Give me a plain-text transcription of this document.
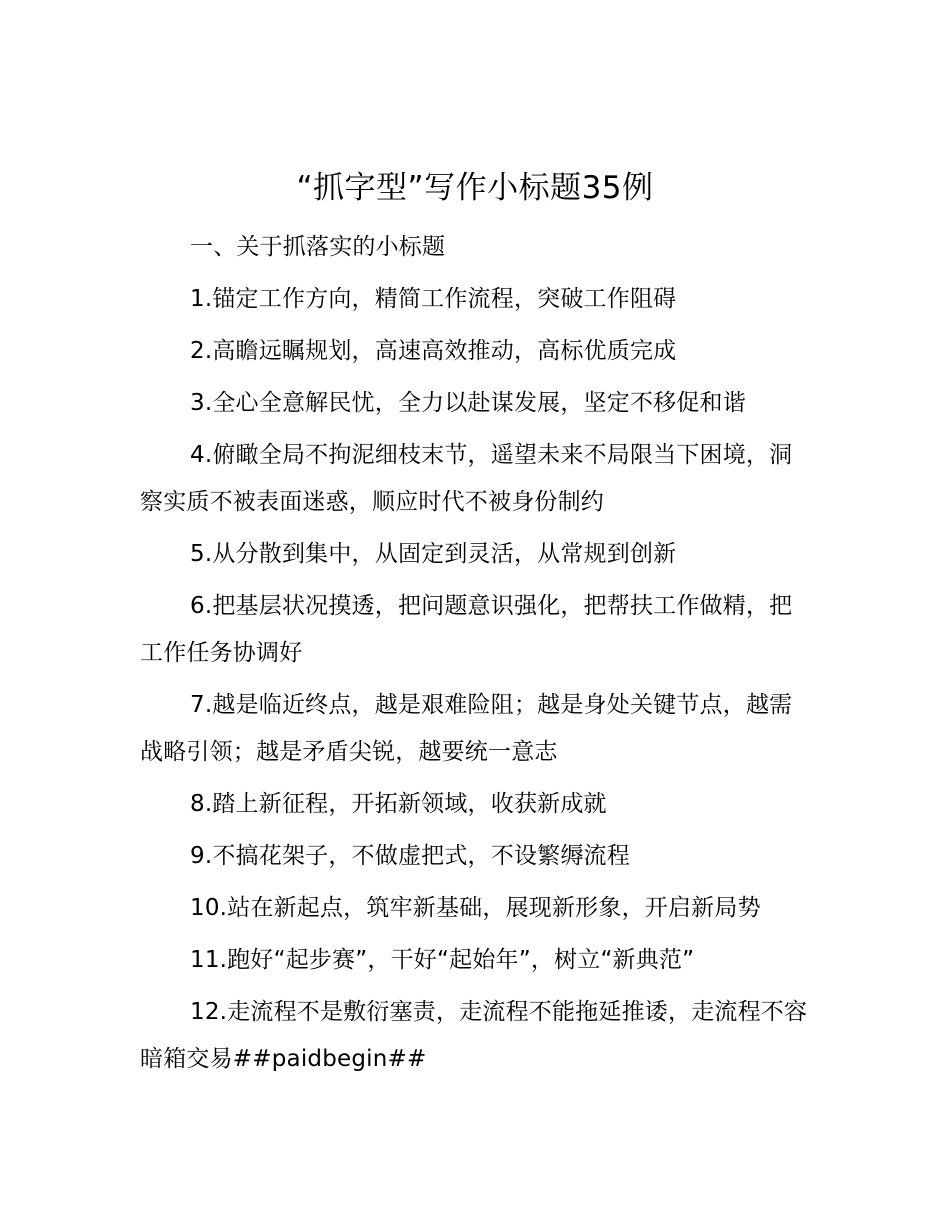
“抓字型”写作小标题35例

一、关于抓落实的小标题

1.锚定工作方向，精简工作流程，突破工作阻碍

2.高瞻远瞩规划，高速高效推动，高标优质完成

3.全心全意解民忧，全力以赴谋发展，坚定不移促和谐

4.俯瞰全局不拘泥细枝末节，遥望未来不局限当下困境，洞察实质不被表面迷惑，顺应时代不被身份制约

5.从分散到集中，从固定到灵活，从常规到创新

6.把基层状况摸透，把问题意识强化，把帮扶工作做精，把工作任务协调好

7.越是临近终点，越是艰难险阻；越是身处关键节点，越需战略引领；越是矛盾尖锐，越要统一意志

8.踏上新征程，开拓新领域，收获新成就

9.不搞花架子，不做虚把式，不设繁缛流程

10.站在新起点，筑牢新基础，展现新形象，开启新局势

11.跑好“起步赛”，干好“起始年”，树立“新典范”

12.走流程不是敷衍塞责，走流程不能拖延推诿，走流程不容暗箱交易##paidbegin##
